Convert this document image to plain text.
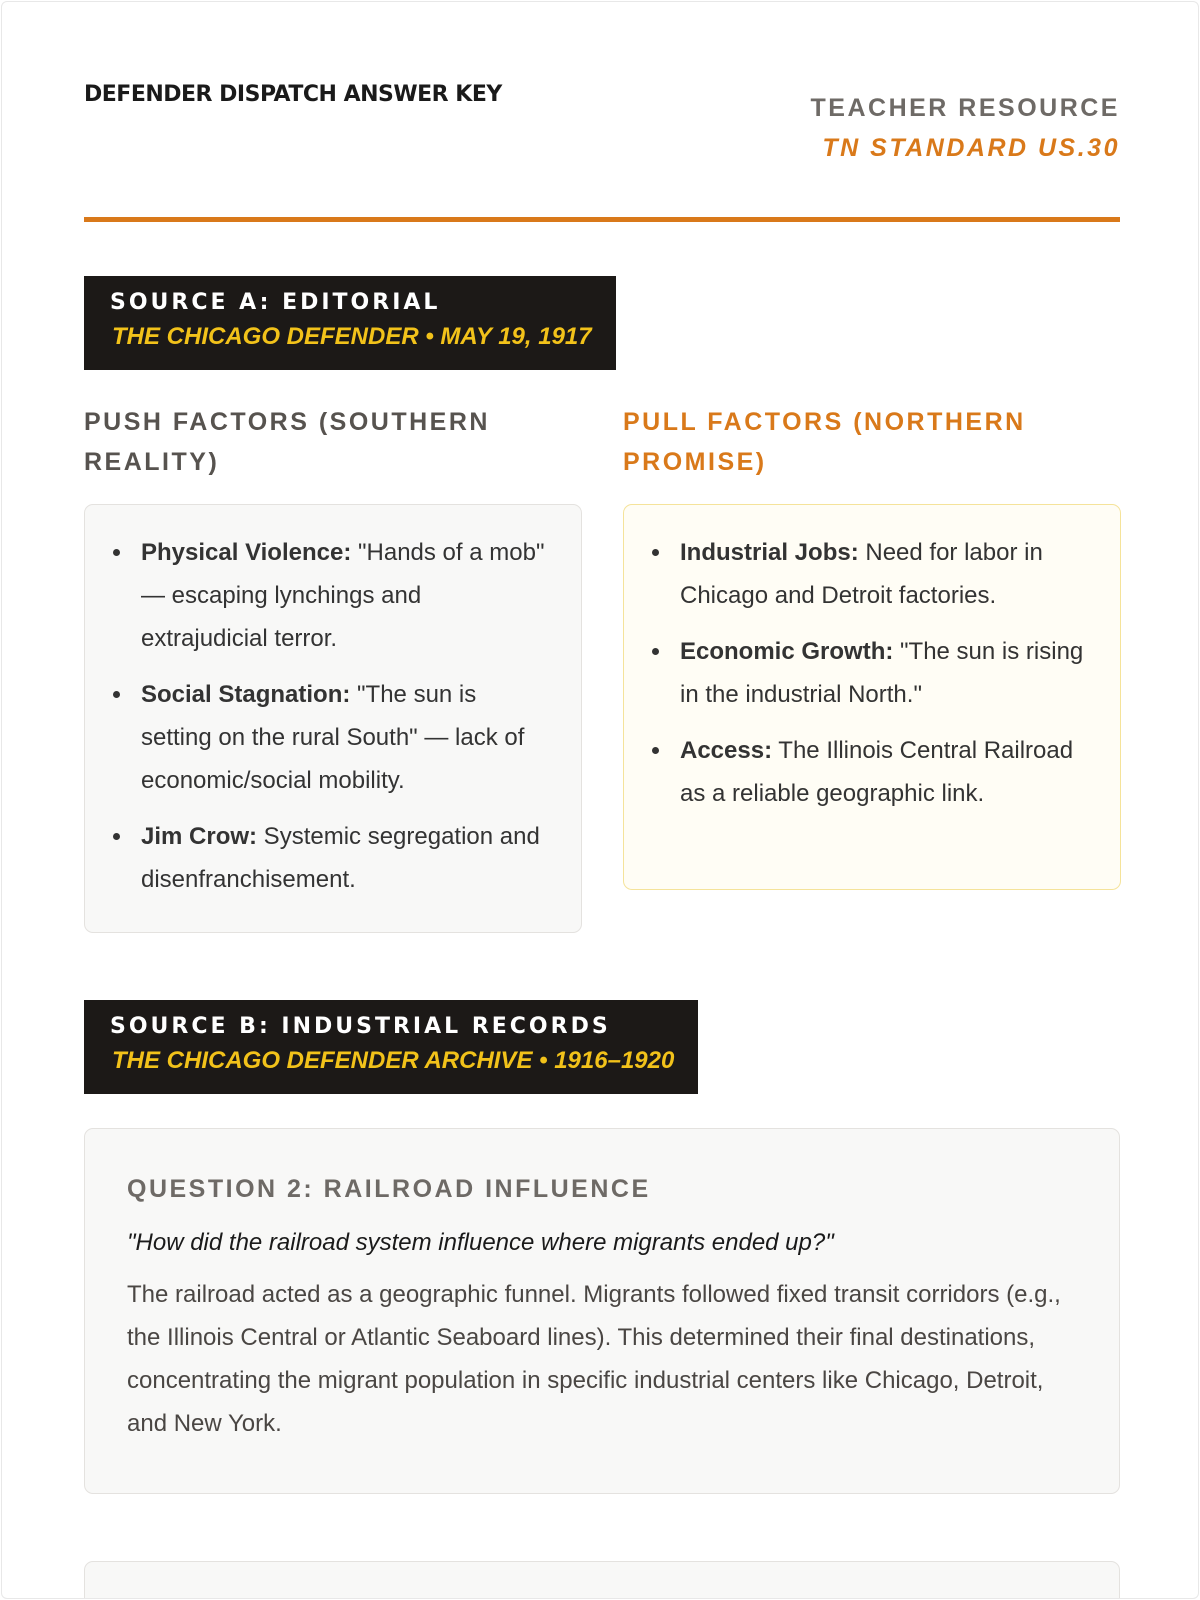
DEFENDER DISPATCH ANSWER KEY	TEACHER RESOURCE
TN STANDARD US.30
SOURCE A: EDITORIAL
THE CHICAGO DEFENDER • MAY 19, 1917
PUSH FACTORS (SOUTHERN REALITY)
PULL FACTORS (NORTHERN PROMISE)
Physical Violence: "Hands of a mob" — escaping lynchings and extrajudicial terror.
Social Stagnation: "The sun is setting on the rural South" — lack of economic/social mobility.
Jim Crow: Systemic segregation and disenfranchisement.
Industrial Jobs: Need for labor in Chicago and Detroit factories.
Economic Growth: "The sun is rising in the industrial North."
Access: The Illinois Central Railroad as a reliable geographic link.
SOURCE B: INDUSTRIAL RECORDS
THE CHICAGO DEFENDER ARCHIVE • 1916–1920
QUESTION 2: RAILROAD INFLUENCE
"How did the railroad system influence where migrants ended up?"
The railroad acted as a geographic funnel. Migrants followed fixed transit corridors (e.g., the Illinois Central or Atlantic Seaboard lines). This determined their final destinations, concentrating the migrant population in specific industrial centers like Chicago, Detroit, and New York.
